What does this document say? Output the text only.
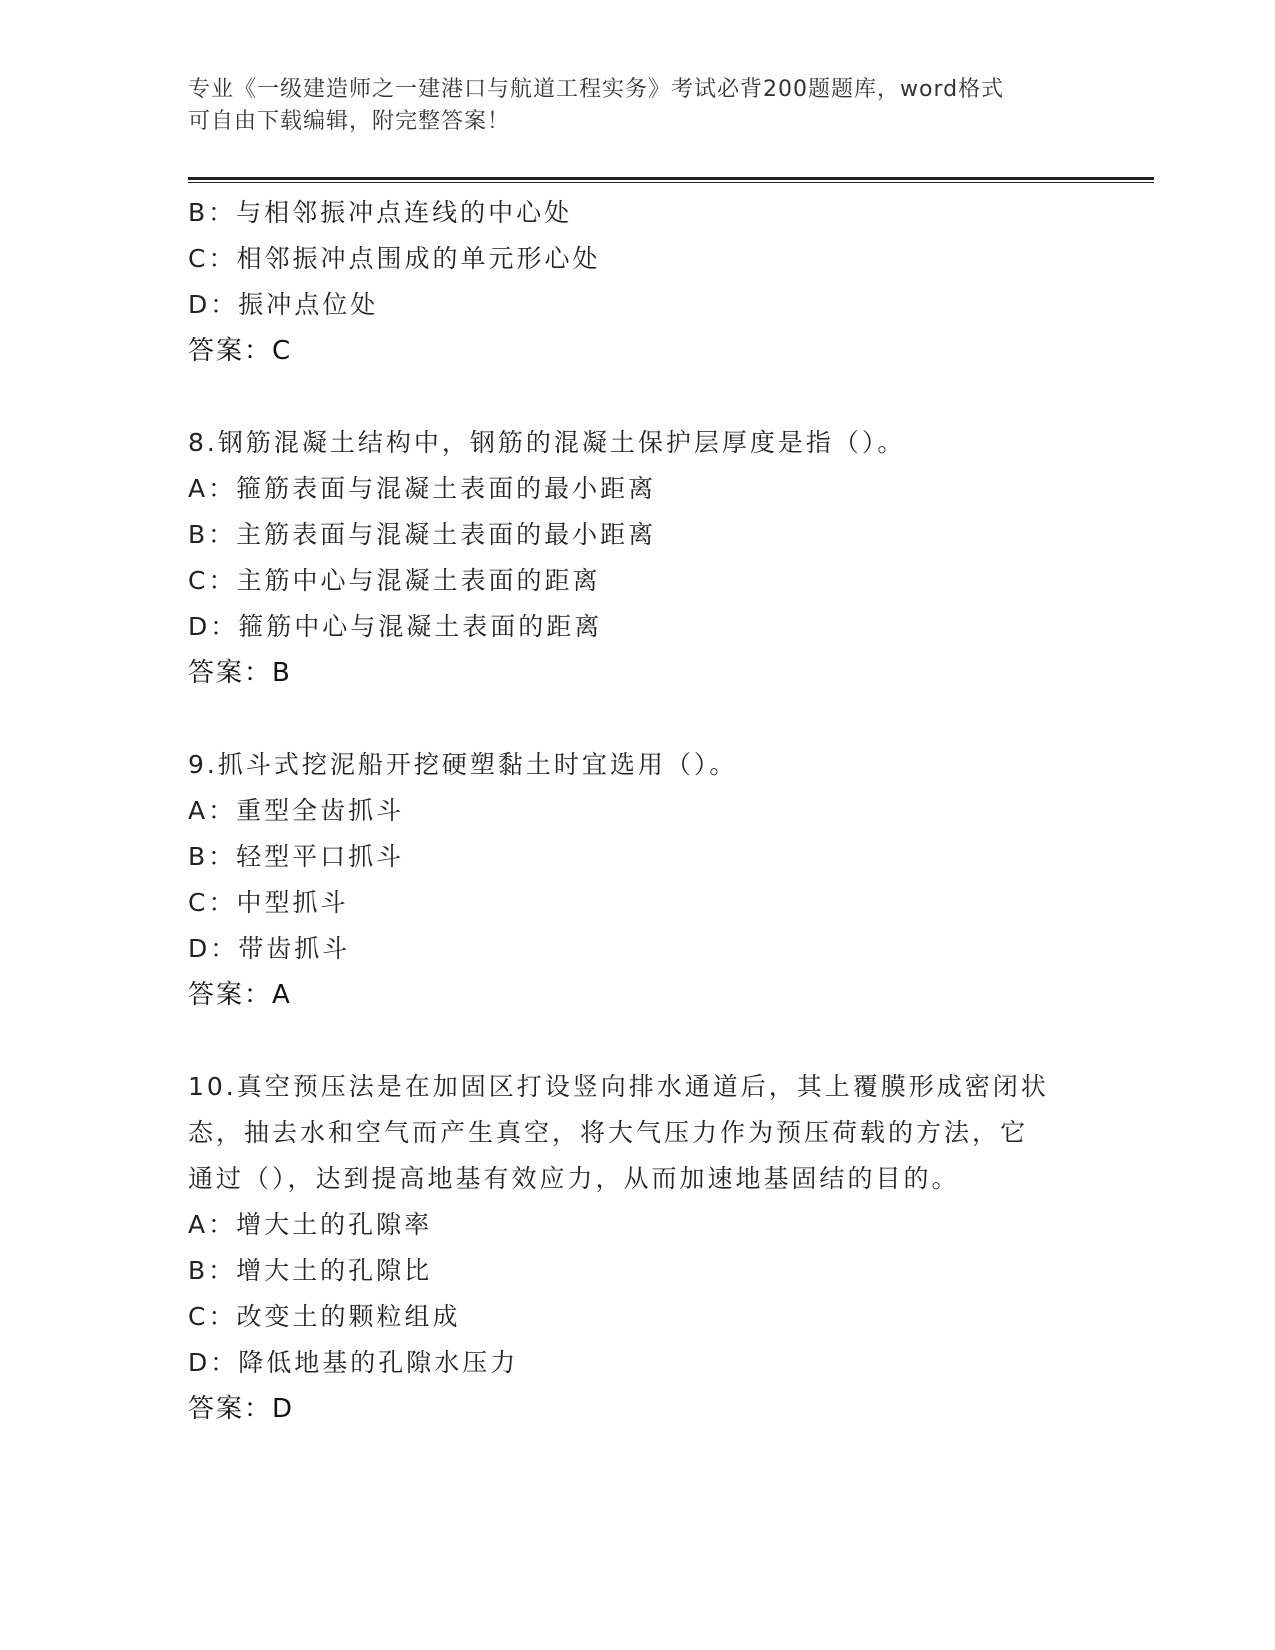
专业《一级建造师之一建港口与航道工程实务》考试必背200题题库，word格式
可自由下载编辑，附完整答案！
B：与相邻振冲点连线的中心处
C：相邻振冲点围成的单元形心处
D：振冲点位处
答案：C
8.钢筋混凝土结构中，钢筋的混凝土保护层厚度是指（）。
A：箍筋表面与混凝土表面的最小距离
B：主筋表面与混凝土表面的最小距离
C：主筋中心与混凝土表面的距离
D：箍筋中心与混凝土表面的距离
答案：B
9.抓斗式挖泥船开挖硬塑黏土时宜选用（）。
A：重型全齿抓斗
B：轻型平口抓斗
C：中型抓斗
D：带齿抓斗
答案：A
10.真空预压法是在加固区打设竖向排水通道后，其上覆膜形成密闭状
态，抽去水和空气而产生真空，将大气压力作为预压荷载的方法，它
通过（），达到提高地基有效应力，从而加速地基固结的目的。
A：增大土的孔隙率
B：增大土的孔隙比
C：改变土的颗粒组成
D：降低地基的孔隙水压力
答案：D
